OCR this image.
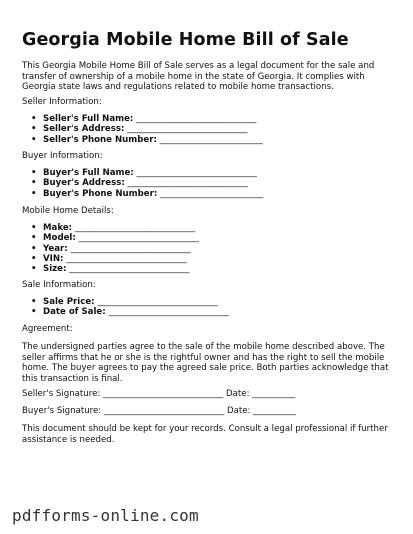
Georgia Mobile Home Bill of Sale

This Georgia Mobile Home Bill of Sale serves as a legal document for the sale and transfer of ownership of a mobile home in the state of Georgia. It complies with Georgia state laws and regulations related to mobile home transactions.

Seller Information:
• Seller's Full Name: ____________________________
• Seller's Address: ____________________________
• Seller's Phone Number: ________________________
Buyer Information:
• Buyer's Full Name: ____________________________
• Buyer's Address: ____________________________
• Buyer's Phone Number: ________________________
Mobile Home Details:
• Make: ____________________________
• Model: ____________________________
• Year: ____________________________
• VIN: ____________________________
• Size: ____________________________
Sale Information:
• Sale Price: ____________________________
• Date of Sale: ____________________________
Agreement:

The undersigned parties agree to the sale of the mobile home described above. The seller affirms that he or she is the rightful owner and has the right to sell the mobile home. The buyer agrees to pay the agreed sale price. Both parties acknowledge that this transaction is final.

Seller's Signature: ____________________________ Date: __________
Buyer's Signature: ____________________________ Date: __________

This document should be kept for your records. Consult a legal professional if further assistance is needed.

pdfforms-online.com
